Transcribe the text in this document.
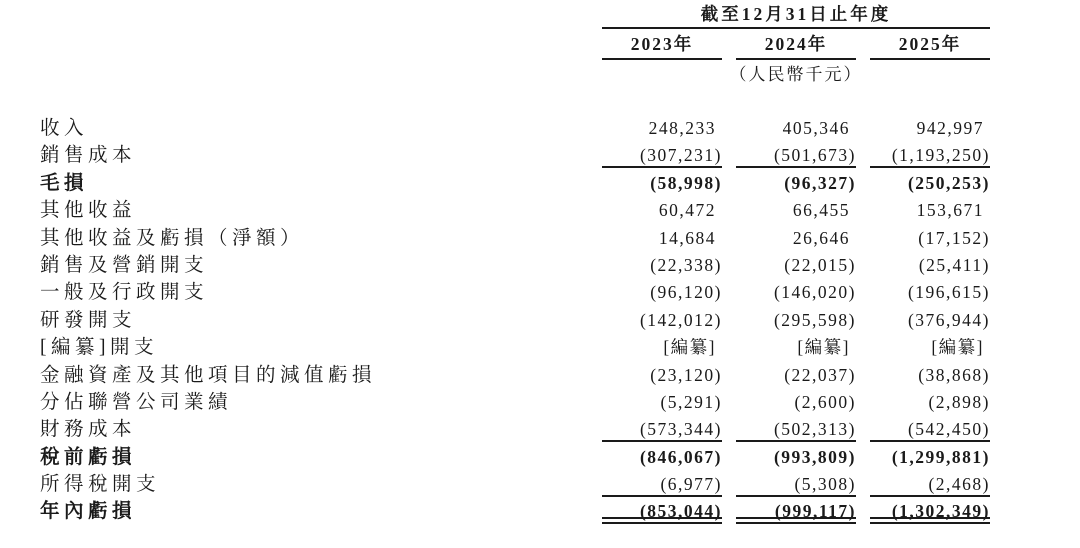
截至12月31日止年度
2023年	2024年	2025年
（人民幣千元）
收入	248,233	405,346	942,997
銷售成本	(307,231)	(501,673)	(1,193,250)
毛損	(58,998)	(96,327)	(250,253)
其他收益	60,472	66,455	153,671
其他收益及虧損（淨額）	14,684	26,646	(17,152)
銷售及營銷開支	(22,338)	(22,015)	(25,411)
一般及行政開支	(96,120)	(146,020)	(196,615)
研發開支	(142,012)	(295,598)	(376,944)
[編纂]開支	[編纂]	[編纂]	[編纂]
金融資產及其他項目的減值虧損	(23,120)	(22,037)	(38,868)
分佔聯營公司業績	(5,291)	(2,600)	(2,898)
財務成本	(573,344)	(502,313)	(542,450)
稅前虧損	(846,067)	(993,809)	(1,299,881)
所得稅開支	(6,977)	(5,308)	(2,468)
年內虧損	(853,044)	(999,117)	(1,302,349)
